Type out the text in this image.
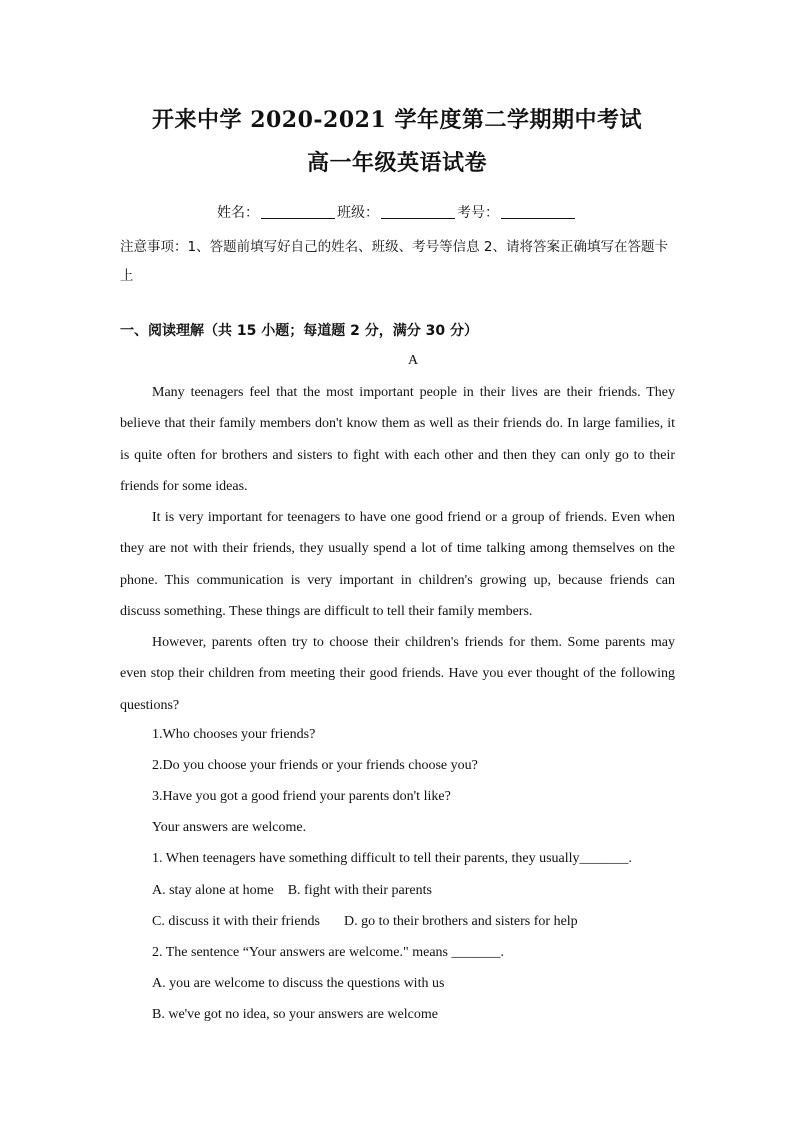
开来中学 2020-2021 学年度第二学期期中考试
高一年级英语试卷
姓名：	班级：	考号：
注意事项：1、答题前填写好自己的姓名、班级、考号等信息 2、请将答案正确填写在答题卡上
一、阅读理解（共 15 小题；每道题 2 分，满分 30 分）
A

Many teenagers feel that the most important people in their lives are their friends. They believe that their family members don't know them as well as their friends do. In large families, it is quite often for brothers and sisters to fight with each other and then they can only go to their friends for some ideas.

It is very important for teenagers to have one good friend or a group of friends. Even when they are not with their friends, they usually spend a lot of time talking among themselves on the phone. This communication is very important in children's growing up, because friends can discuss something. These things are difficult to tell their family members.

However, parents often try to choose their children's friends for them. Some parents may even stop their children from meeting their good friends. Have you ever thought of the following questions?

1.Who chooses your friends?
2.Do you choose your friends or your friends choose you?
3.Have you got a good friend your parents don't like?
Your answers are welcome.
1. When teenagers have something difficult to tell their parents, they usually_______.
A. stay alone at home B. fight with their parents
C. discuss it with their friends D. go to their brothers and sisters for help
2. The sentence “Your answers are welcome." means _______.
A. you are welcome to discuss the questions with us
B. we've got no idea, so your answers are welcome
